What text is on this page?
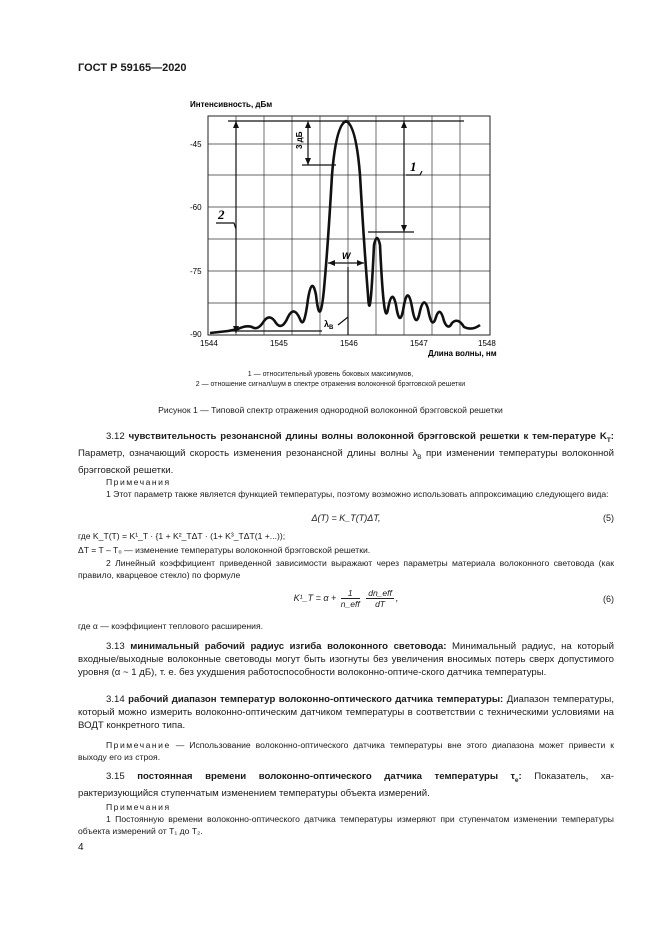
ГОСТ Р 59165—2020
Интенсивность, дБм
-45
-60
-75
-90
1544	1545	1546	1547	1548
Длина волны, нм
3 дБ
W
$\lambda_B$
1
2
1 — относительный уровень боковых максимумов,
2 — отношение сигнал/шум в спектре отражения волоконной брэгговской решетки
Рисунок 1 — Типовой спектр отражения однородной волоконной брэгговской решетки
3.12 чувствительность резонансной длины волны волоконной брэгговской решетки к тем-пературе $K_T$: Параметр, означающий скорость изменения резонансной длины волны $\lambda_B$ при изменении температуры волоконной брэгговской решетки.
Примечания
1 Этот параметр также является функцией температуры, поэтому возможно использовать аппроксимацию следующего вида:
Δ(T) = K_T(T)ΔT,	(5)
где K_T(T) = K¹_T · {1 + K²_TΔT · (1+ K³_TΔT(1 +...));
ΔT = T – T₀ — изменение температуры волоконной брэгговской решетки.
2 Линейный коэффициент приведенной зависимости выражают через параметры материала волоконного световода (как правило, кварцевое стекло) по формуле
K¹_T = $\alpha + \frac{1}{\text{n\_eff}}$
$\frac{\text{dn\_eff}}{dT}$ ,	(6)
где α — коэффициент теплового расширения.
3.13 минимальный рабочий радиус изгиба волоконного световода: Минимальный радиус, на который входные/выходные волоконные световоды могут быть изогнуты без увеличения вносимых потерь сверх допустимого уровня (α ~ 1 дБ), т. е. без ухудшения работоспособности волоконно-оптиче-ского датчика температуры.
3.14 рабочий диапазон температур волоконно-оптического датчика температуры: Диапазон температуры, который можно измерить волоконно-оптическим датчиком температуры в соответствии с техническими условиями на ВОДТ конкретного типа.
Примечание — Использование волоконно-оптического датчика температуры вне этого диапазона может привести к выходу его из строя.
3.15 постоянная времени волоконно-оптического датчика температуры $\tau_e$: Показатель, ха-рактеризующийся ступенчатым изменением температуры объекта измерений.
Примечания
1 Постоянную времени волоконно-оптического датчика температуры измеряют при ступенчатом изменении температуры объекта измерений от T₁ до T₂.
4
